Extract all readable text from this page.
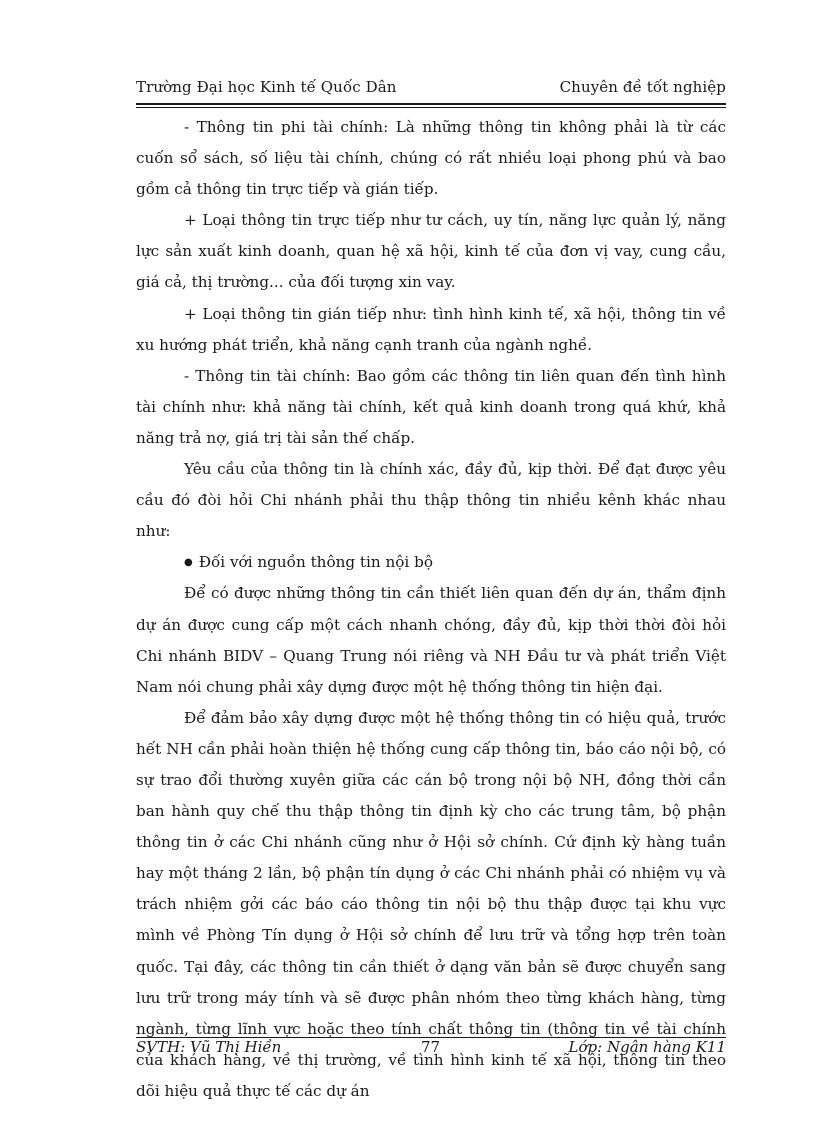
Trường Đại học Kinh tế Quốc Dân	Chuyên đề tốt nghiệp

- Thông tin phi tài chính: Là những thông tin không phải là từ các cuốn sổ sách, số liệu tài chính, chúng có rất nhiều loại phong phú và bao gồm cả thông tin trực tiếp và gián tiếp.

+ Loại thông tin trực tiếp như tư cách, uy tín, năng lực quản lý, năng lực sản xuất kinh doanh, quan hệ xã hội, kinh tế của đơn vị vay, cung cầu, giá cả, thị trường... của đối tượng xin vay.

+ Loại thông tin gián tiếp như: tình hình kinh tế, xã hội, thông tin về xu hướng phát triển, khả năng cạnh tranh của ngành nghề.

- Thông tin tài chính: Bao gồm các thông tin liên quan đến tình hình tài chính như: khả năng tài chính, kết quả kinh doanh trong quá khứ, khả năng trả nợ, giá trị tài sản thế chấp.

Yêu cầu của thông tin là chính xác, đầy đủ, kịp thời. Để đạt được yêu cầu đó đòi hỏi Chi nhánh phải thu thập thông tin nhiều kênh khác nhau như:

● Đối với nguồn thông tin nội bộ

Để có được những thông tin cần thiết liên quan đến dự án, thẩm định dự án được cung cấp một cách nhanh chóng, đầy đủ, kịp thời thời đòi hỏi Chi nhánh BIDV – Quang Trung nói riêng và NH Đầu tư và phát triển Việt Nam nói chung phải xây dựng được một hệ thống thông tin hiện đại.

Để đảm bảo xây dựng được một hệ thống thông tin có hiệu quả, trước hết NH cần phải hoàn thiện hệ thống cung cấp thông tin, báo cáo nội bộ, có sự trao đổi thường xuyên giữa các cán bộ trong nội bộ NH, đồng thời cần ban hành quy chế thu thập thông tin định kỳ cho các trung tâm, bộ phận thông tin ở các Chi nhánh cũng như ở Hội sở chính. Cứ định kỳ hàng tuần hay một tháng 2 lần, bộ phận tín dụng ở các Chi nhánh phải có nhiệm vụ và trách nhiệm gởi các báo cáo thông tin nội bộ thu thập được tại khu vực mình về Phòng Tín dụng ở Hội sở chính để lưu trữ và tổng hợp trên toàn quốc. Tại đây, các thông tin cần thiết ở dạng văn bản sẽ được chuyển sang lưu trữ trong máy tính và sẽ được phân nhóm theo từng khách hàng, từng ngành, từng lĩnh vực hoặc theo tính chất thông tin (thông tin về tài chính của khách hàng, về thị trường, về tình hình kinh tế xã hội, thông tin theo dõi hiệu quả thực tế các dự án

SVTH: Vũ Thị Hiền	77	Lớp: Ngân hàng K11
